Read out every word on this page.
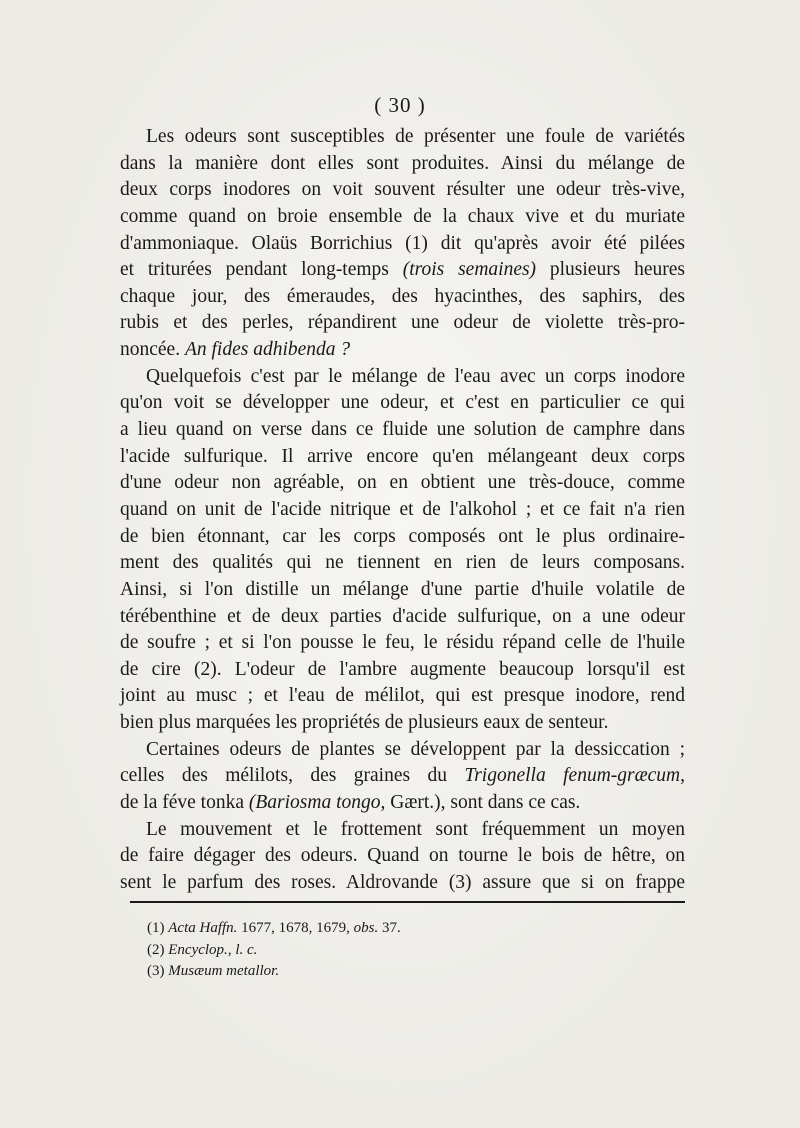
( 30 )
Les odeurs sont susceptibles de présenter une foule de variétés
dans la manière dont elles sont produites. Ainsi du mélange de
deux corps inodores on voit souvent résulter une odeur très-vive,
comme quand on broie ensemble de la chaux vive et du muriate
d'ammoniaque. Olaüs Borrichius (1) dit qu'après avoir été pilées
et triturées pendant long-temps (trois semaines) plusieurs heures
chaque jour, des émeraudes, des hyacinthes, des saphirs, des
rubis et des perles, répandirent une odeur de violette très-pro-
noncée. An fides adhibenda ?
Quelquefois c'est par le mélange de l'eau avec un corps inodore
qu'on voit se développer une odeur, et c'est en particulier ce qui
a lieu quand on verse dans ce fluide une solution de camphre dans
l'acide sulfurique. Il arrive encore qu'en mélangeant deux corps
d'une odeur non agréable, on en obtient une très-douce, comme
quand on unit de l'acide nitrique et de l'alkohol ; et ce fait n'a rien
de bien étonnant, car les corps composés ont le plus ordinaire-
ment des qualités qui ne tiennent en rien de leurs composans.
Ainsi, si l'on distille un mélange d'une partie d'huile volatile de
térébenthine et de deux parties d'acide sulfurique, on a une odeur
de soufre ; et si l'on pousse le feu, le résidu répand celle de l'huile
de cire (2). L'odeur de l'ambre augmente beaucoup lorsqu'il est
joint au musc ; et l'eau de mélilot, qui est presque inodore, rend
bien plus marquées les propriétés de plusieurs eaux de senteur.
Certaines odeurs de plantes se développent par la dessiccation ;
celles des mélilots, des graines du Trigonella fenum-græcum,
de la féve tonka (Bariosma tongo, Gært.), sont dans ce cas.
Le mouvement et le frottement sont fréquemment un moyen
de faire dégager des odeurs. Quand on tourne le bois de hêtre, on
sent le parfum des roses. Aldrovande (3) assure que si on frappe
(1) Acta Haffn. 1677, 1678, 1679, obs. 37.
(2) Encyclop., l. c.
(3) Musæum metallor.
